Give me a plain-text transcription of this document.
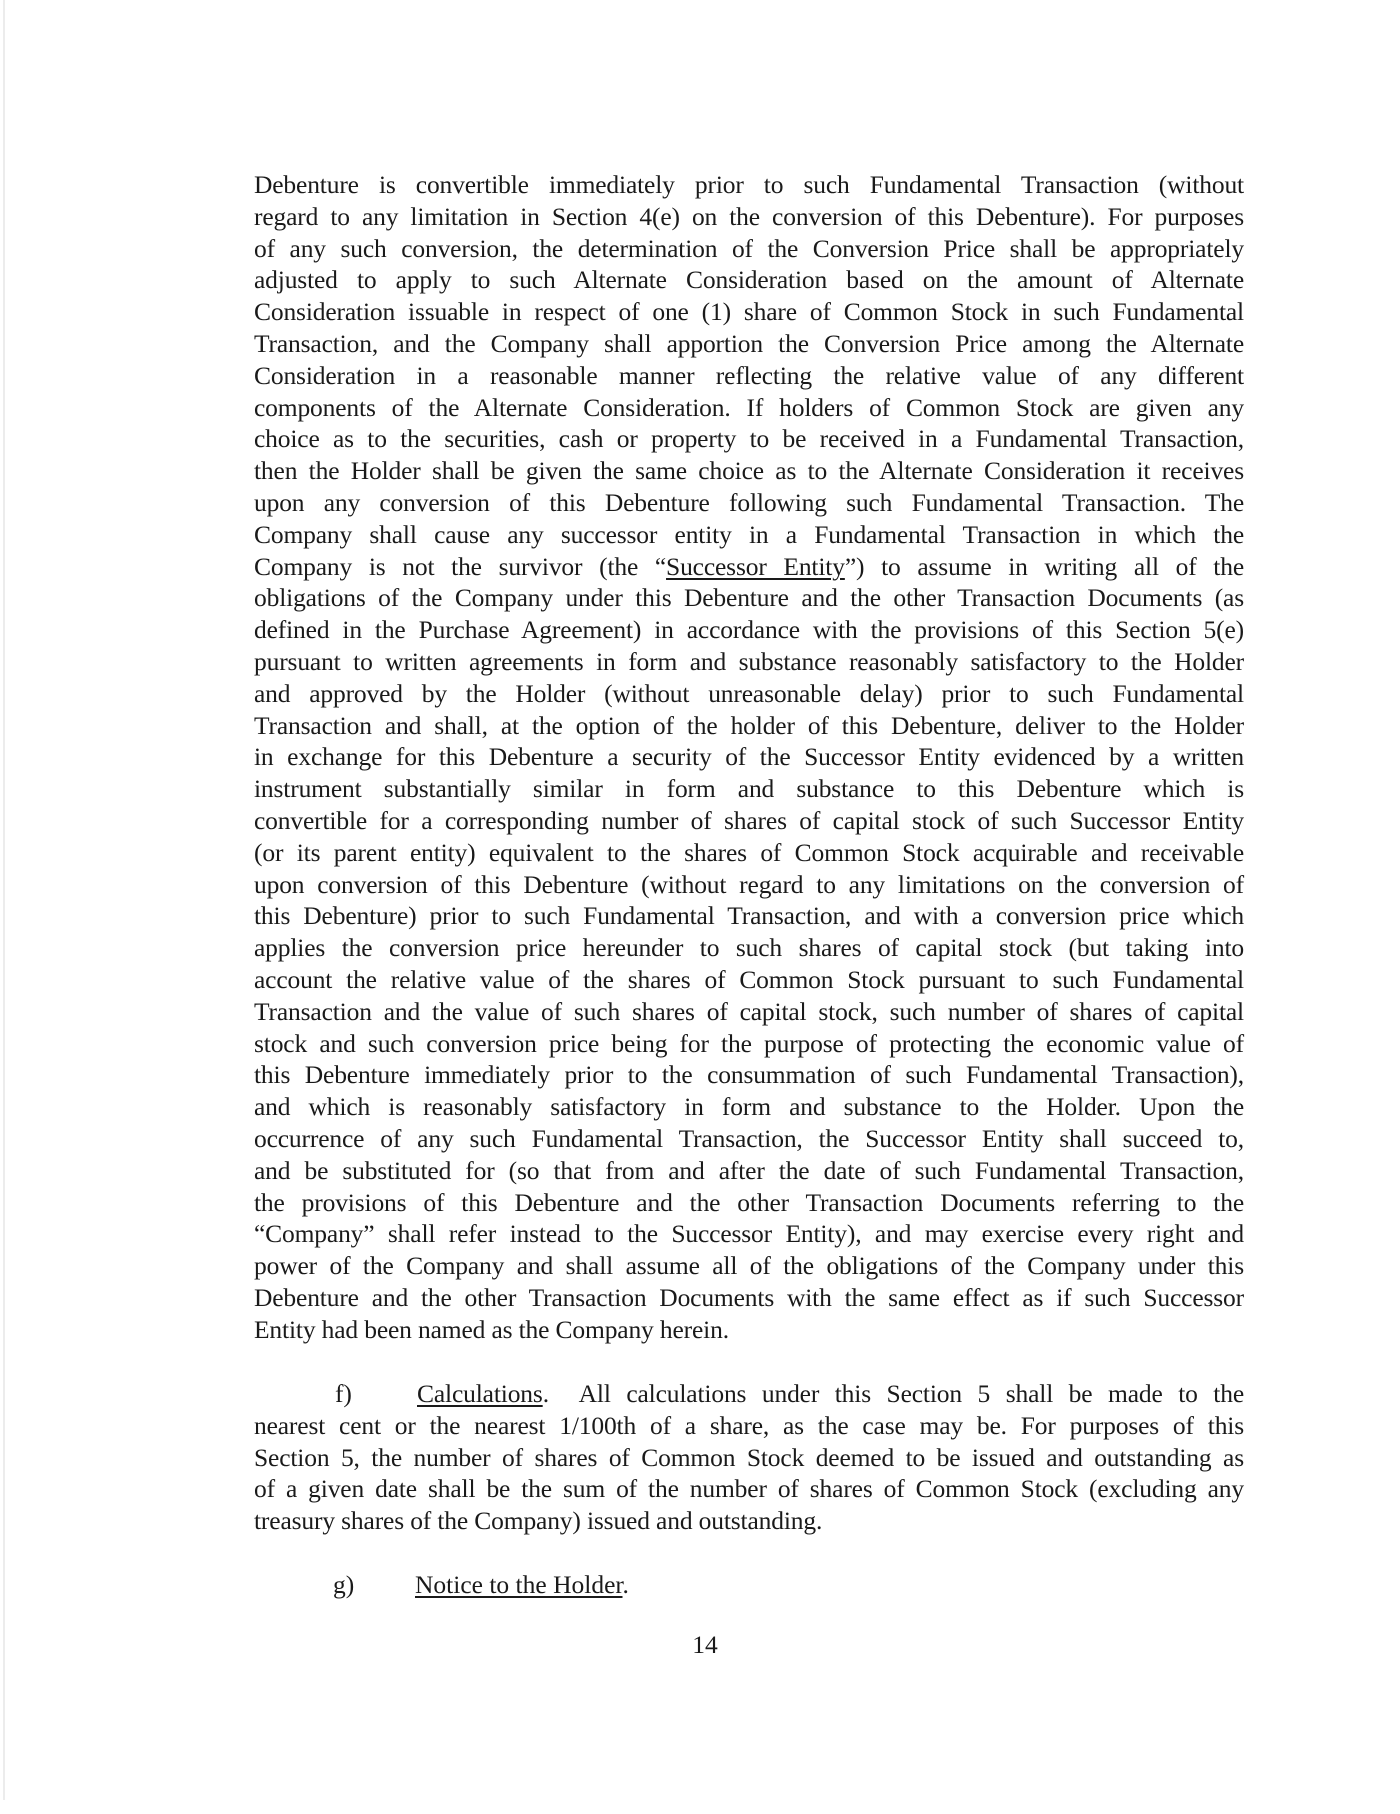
Debenture is convertible immediately prior to such Fundamental Transaction (without
regard to any limitation in Section 4(e) on the conversion of this Debenture). For purposes
of any such conversion, the determination of the Conversion Price shall be appropriately
adjusted to apply to such Alternate Consideration based on the amount of Alternate
Consideration issuable in respect of one (1) share of Common Stock in such Fundamental
Transaction, and the Company shall apportion the Conversion Price among the Alternate
Consideration in a reasonable manner reflecting the relative value of any different
components of the Alternate Consideration. If holders of Common Stock are given any
choice as to the securities, cash or property to be received in a Fundamental Transaction,
then the Holder shall be given the same choice as to the Alternate Consideration it receives
upon any conversion of this Debenture following such Fundamental Transaction. The
Company shall cause any successor entity in a Fundamental Transaction in which the
Company is not the survivor (the “Successor Entity”) to assume in writing all of the
obligations of the Company under this Debenture and the other Transaction Documents (as
defined in the Purchase Agreement) in accordance with the provisions of this Section 5(e)
pursuant to written agreements in form and substance reasonably satisfactory to the Holder
and approved by the Holder (without unreasonable delay) prior to such Fundamental
Transaction and shall, at the option of the holder of this Debenture, deliver to the Holder
in exchange for this Debenture a security of the Successor Entity evidenced by a written
instrument substantially similar in form and substance to this Debenture which is
convertible for a corresponding number of shares of capital stock of such Successor Entity
(or its parent entity) equivalent to the shares of Common Stock acquirable and receivable
upon conversion of this Debenture (without regard to any limitations on the conversion of
this Debenture) prior to such Fundamental Transaction, and with a conversion price which
applies the conversion price hereunder to such shares of capital stock (but taking into
account the relative value of the shares of Common Stock pursuant to such Fundamental
Transaction and the value of such shares of capital stock, such number of shares of capital
stock and such conversion price being for the purpose of protecting the economic value of
this Debenture immediately prior to the consummation of such Fundamental Transaction),
and which is reasonably satisfactory in form and substance to the Holder. Upon the
occurrence of any such Fundamental Transaction, the Successor Entity shall succeed to,
and be substituted for (so that from and after the date of such Fundamental Transaction,
the provisions of this Debenture and the other Transaction Documents referring to the
“Company” shall refer instead to the Successor Entity), and may exercise every right and
power of the Company and shall assume all of the obligations of the Company under this
Debenture and the other Transaction Documents with the same effect as if such Successor
Entity had been named as the Company herein.
f)	Calculations.  All calculations under this Section 5 shall be made to the
nearest cent or the nearest 1/100th of a share, as the case may be. For purposes of this
Section 5, the number of shares of Common Stock deemed to be issued and outstanding as
of a given date shall be the sum of the number of shares of Common Stock (excluding any
treasury shares of the Company) issued and outstanding.
g) Notice to the Holder.
14
